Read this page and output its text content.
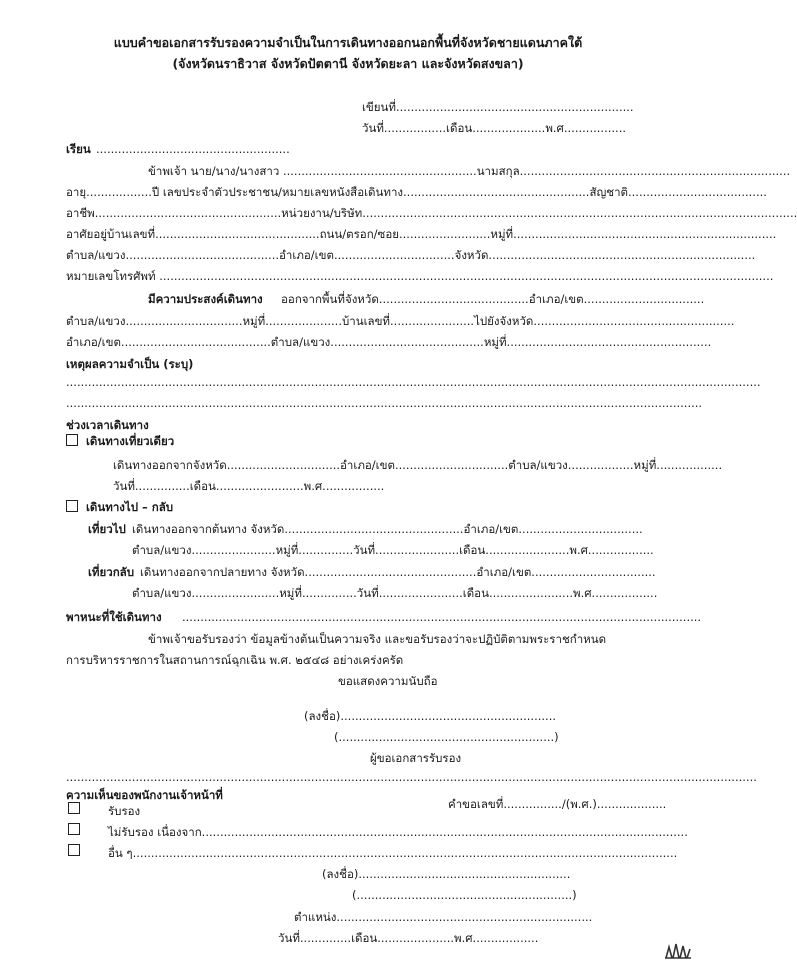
แบบคำขอเอกสารรับรองความจำเป็นในการเดินทางออกนอกพื้นที่จังหวัดชายแดนภาคใต้
(จังหวัดนราธิวาส จังหวัดปัตตานี จังหวัดยะลา และจังหวัดสงขลา)
เขียนที่.................................................................
วันที่.................เดือน....................พ.ศ.................
เรียน .....................................................
ข้าพเจ้า นาย/นาง/นางสาว .....................................................นามสกุล..........................................................................
อายุ..................ปี เลขประจำตัวประชาชน/หมายเลขหนังสือเดินทาง...................................................สัญชาติ......................................
อาชีพ...................................................หน่วยงาน/บริษัท.......................................................................................................................
อาศัยอยู่บ้านเลขที่.............................................ถนน/ตรอก/ซอย.........................หมู่ที่........................................................................
ตำบล/แขวง..........................................อำเภอ/เขต.................................จังหวัด.........................................................................
หมายเลขโทรศัพท์ ........................................................................................................................................................................
มีความประสงค์เดินทาง ออกจากพื้นที่จังหวัด.........................................อำเภอ/เขต.................................
ตำบล/แขวง................................หมู่ที่.....................บ้านเลขที่.......................ไปยังจังหวัด.......................................................
อำเภอ/เขต.........................................ตำบล/แขวง..........................................หมู่ที่........................................................
เหตุผลความจำเป็น (ระบุ)
..............................................................................................................................................................................................
..............................................................................................................................................................................
ช่วงเวลาเดินทาง
เดินทางเที่ยวเดียว
เดินทางออกจากจังหวัด...............................อำเภอ/เขต...............................ตำบล/แขวง..................หมู่ที่..................
วันที่...............เดือน........................พ.ศ.................
เดินทางไป – กลับ
เที่ยวไป เดินทางออกจากต้นทาง จังหวัด.................................................อำเภอ/เขต..................................
ตำบล/แขวง.......................หมู่ที่...............วันที่.......................เดือน.......................พ.ศ..................
เที่ยวกลับ เดินทางออกจากปลายทาง จังหวัด...............................................อำเภอ/เขต..................................
ตำบล/แขวง........................หมู่ที่...............วันที่.......................เดือน.......................พ.ศ..................
พาหนะที่ใช้เดินทาง ..............................................................................................................................................
ข้าพเจ้าขอรับรองว่า ข้อมูลข้างต้นเป็นความจริง และขอรับรองว่าจะปฏิบัติตามพระราชกำหนด
การบริหารราชการในสถานการณ์ฉุกเฉิน พ.ศ. ๒๕๔๘ อย่างเคร่งครัด
ขอแสดงความนับถือ
(ลงชื่อ)...........................................................
(...........................................................)
ผู้ขอเอกสารรับรอง
.............................................................................................................................................................................................
ความเห็นของพนักงานเจ้าหน้าที่
คำขอเลขที่................/(พ.ศ.)...................
รับรอง
ไม่รับรอง เนื่องจาก.....................................................................................................................................
อื่น ๆ.....................................................................................................................................................
(ลงชื่อ)..........................................................
(...........................................................)
ตำแหน่ง......................................................................
วันที่..............เดือน.....................พ.ศ..................
